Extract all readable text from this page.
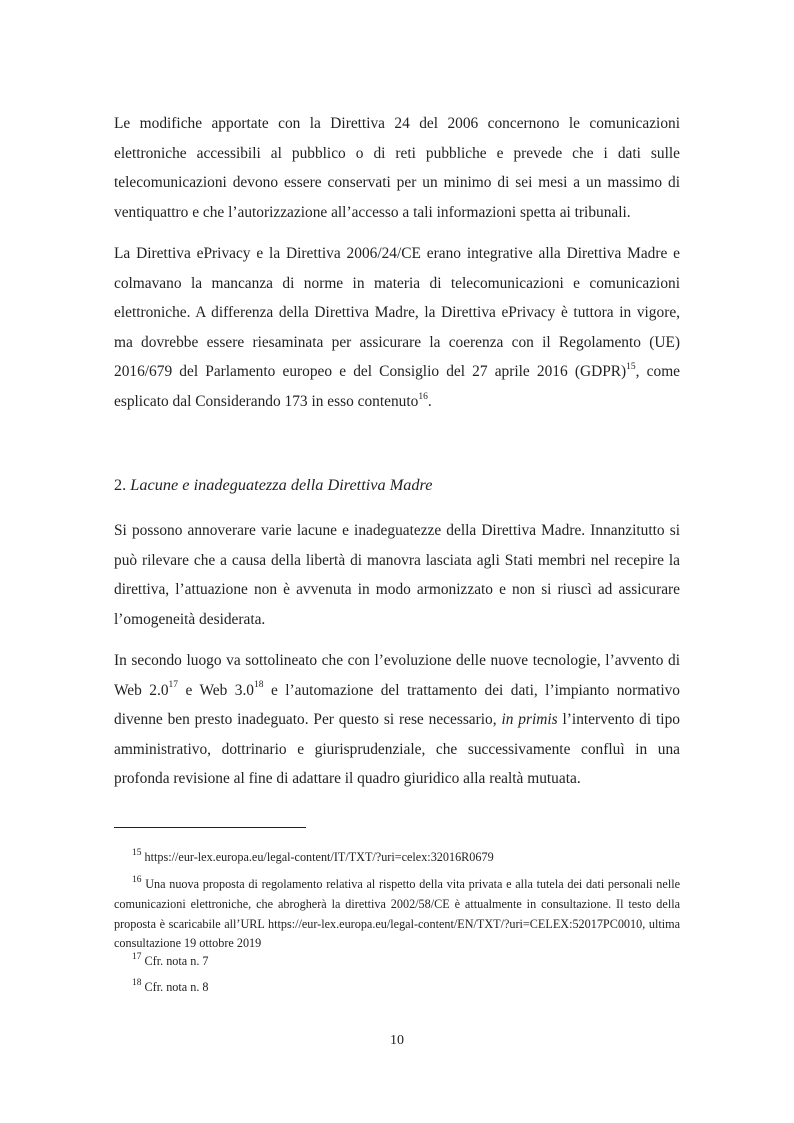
Le modifiche apportate con la Direttiva 24 del 2006 concernono le comunicazioni elettroniche accessibili al pubblico o di reti pubbliche e prevede che i dati sulle telecomunicazioni devono essere conservati per un minimo di sei mesi a un massimo di ventiquattro e che l’autorizzazione all’accesso a tali informazioni spetta ai tribunali.

La Direttiva ePrivacy e la Direttiva 2006/24/CE erano integrative alla Direttiva Madre e colmavano la mancanza di norme in materia di telecomunicazioni e comunicazioni elettroniche. A differenza della Direttiva Madre, la Direttiva ePrivacy è tuttora in vigore, ma dovrebbe essere riesaminata per assicurare la coerenza con il Regolamento (UE) 2016/679 del Parlamento europeo e del Consiglio del 27 aprile 2016 (GDPR)$^{15}$, come esplicato dal Considerando 173 in esso contenuto$^{16}$.

2. Lacune e inadeguatezza della Direttiva Madre

Si possono annoverare varie lacune e inadeguatezze della Direttiva Madre. Innanzitutto si può rilevare che a causa della libertà di manovra lasciata agli Stati membri nel recepire la direttiva, l’attuazione non è avvenuta in modo armonizzato e non si riuscì ad assicurare l’omogeneità desiderata.

In secondo luogo va sottolineato che con l’evoluzione delle nuove tecnologie, l’avvento di Web $2.0^{17}$ e Web $3.0^{18}$ e l’automazione del trattamento dei dati, l’impianto normativo divenne ben presto inadeguato. Per questo si rese necessario, in primis l’intervento di tipo amministrativo, dottrinario e giurisprudenziale, che successivamente confluì in una profonda revisione al fine di adattare il quadro giuridico alla realtà mutuata.

$^{15}$ https://eur-lex.europa.eu/legal-content/IT/TXT/?uri=celex:32016R0679

$^{16}$ Una nuova proposta di regolamento relativa al rispetto della vita privata e alla tutela dei dati personali nelle comunicazioni elettroniche, che abrogherà la direttiva 2002/58/CE è attualmente in consultazione. Il testo della proposta è scaricabile all’URL https://eur-lex.europa.eu/legal-content/EN/TXT/?uri=CELEX:52017PC0010, ultima consultazione 19 ottobre 2019

$^{17}$ Cfr. nota n. 7

$^{18}$ Cfr. nota n. 8

10
